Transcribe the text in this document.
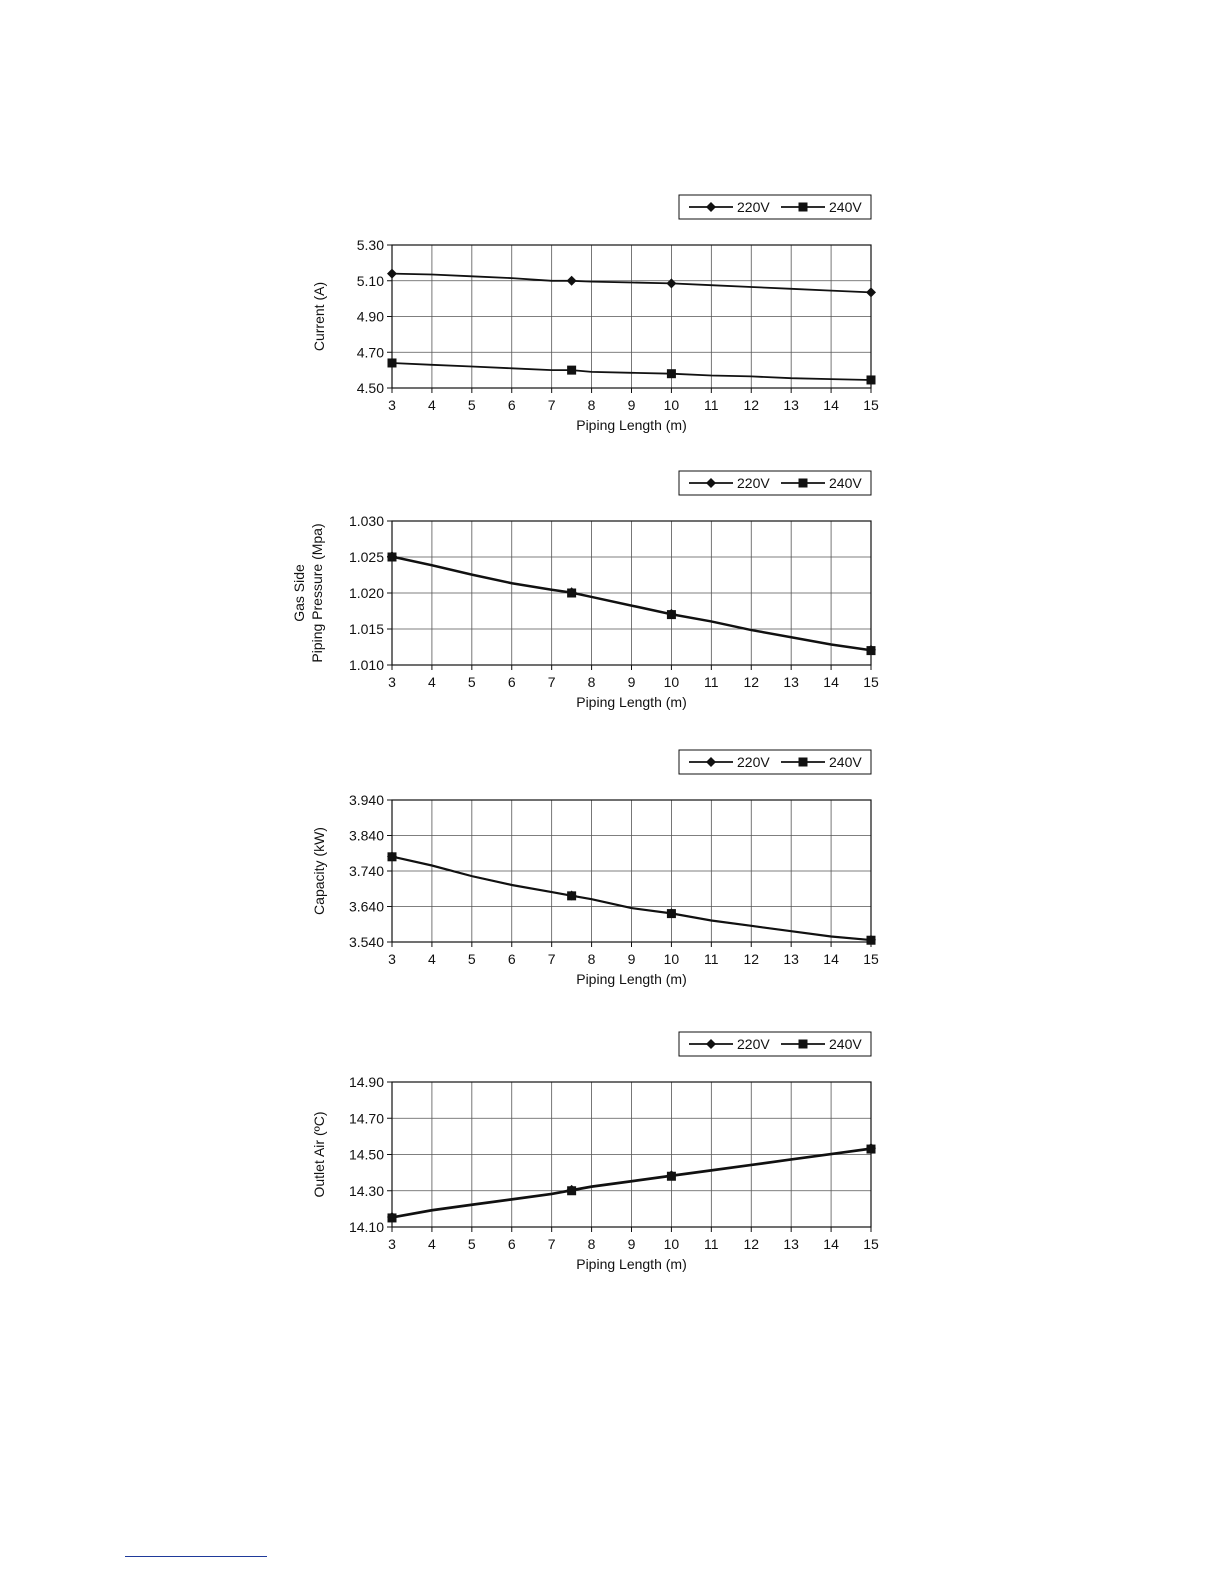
3 4 5 6 7 8 9 10 11 12 13 14 15
5.30
5.10
4.90
4.70
4.50
Piping Length (m)
Current (A)
220V	240V
3 4 5 6 7 8 9 10 11 12 13 14 15
1.030
1.025
1.020
1.015
1.010
Piping Length (m)
Gas Side Piping Pressure (Mpa)
220V	240V
3 4 5 6 7 8 9 10 11 12 13 14 15
3.940
3.840
3.740
3.640
3.540
Piping Length (m)
Capacity (kW)
220V	240V
3 4 5 6 7 8 9 10 11 12 13 14 15
14.90
14.70
14.50
14.30
14.10
Piping Length (m)
Outlet Air (ºC)
220V	240V
